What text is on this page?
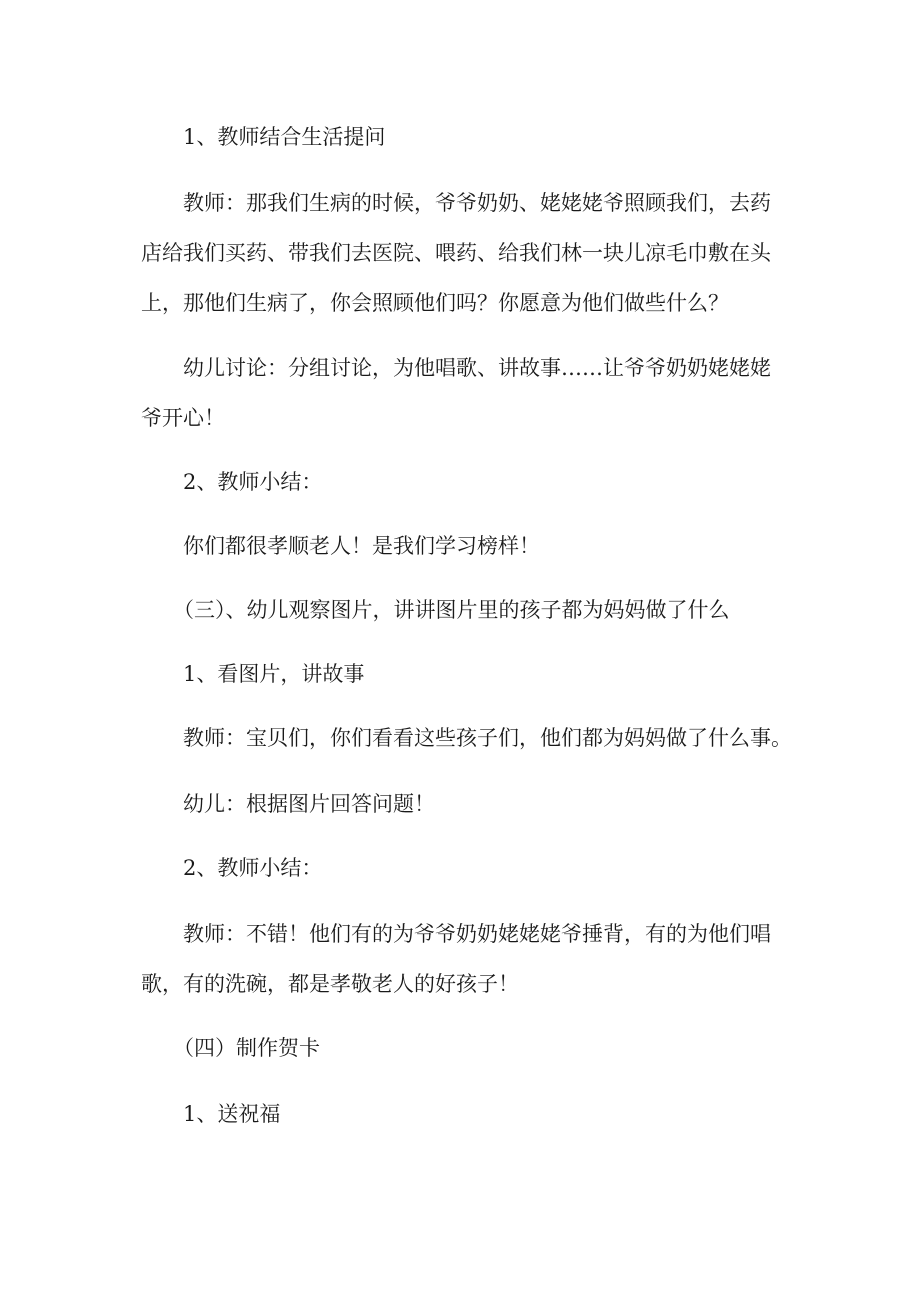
1、教师结合生活提问
教师：那我们生病的时候，爷爷奶奶、姥姥姥爷照顾我们，去药
店给我们买药、带我们去医院、喂药、给我们林一块儿凉毛巾敷在头
上，那他们生病了，你会照顾他们吗？你愿意为他们做些什么？
幼儿讨论：分组讨论，为他唱歌、讲故事……让爷爷奶奶姥姥姥
爷开心！
2、教师小结：
你们都很孝顺老人！是我们学习榜样！
（三）、幼儿观察图片，讲讲图片里的孩子都为妈妈做了什么
1、看图片，讲故事
教师：宝贝们，你们看看这些孩子们，他们都为妈妈做了什么事。
幼儿：根据图片回答问题！
2、教师小结：
教师：不错！他们有的为爷爷奶奶姥姥姥爷捶背，有的为他们唱
歌，有的洗碗，都是孝敬老人的好孩子！
（四）制作贺卡
1、送祝福
